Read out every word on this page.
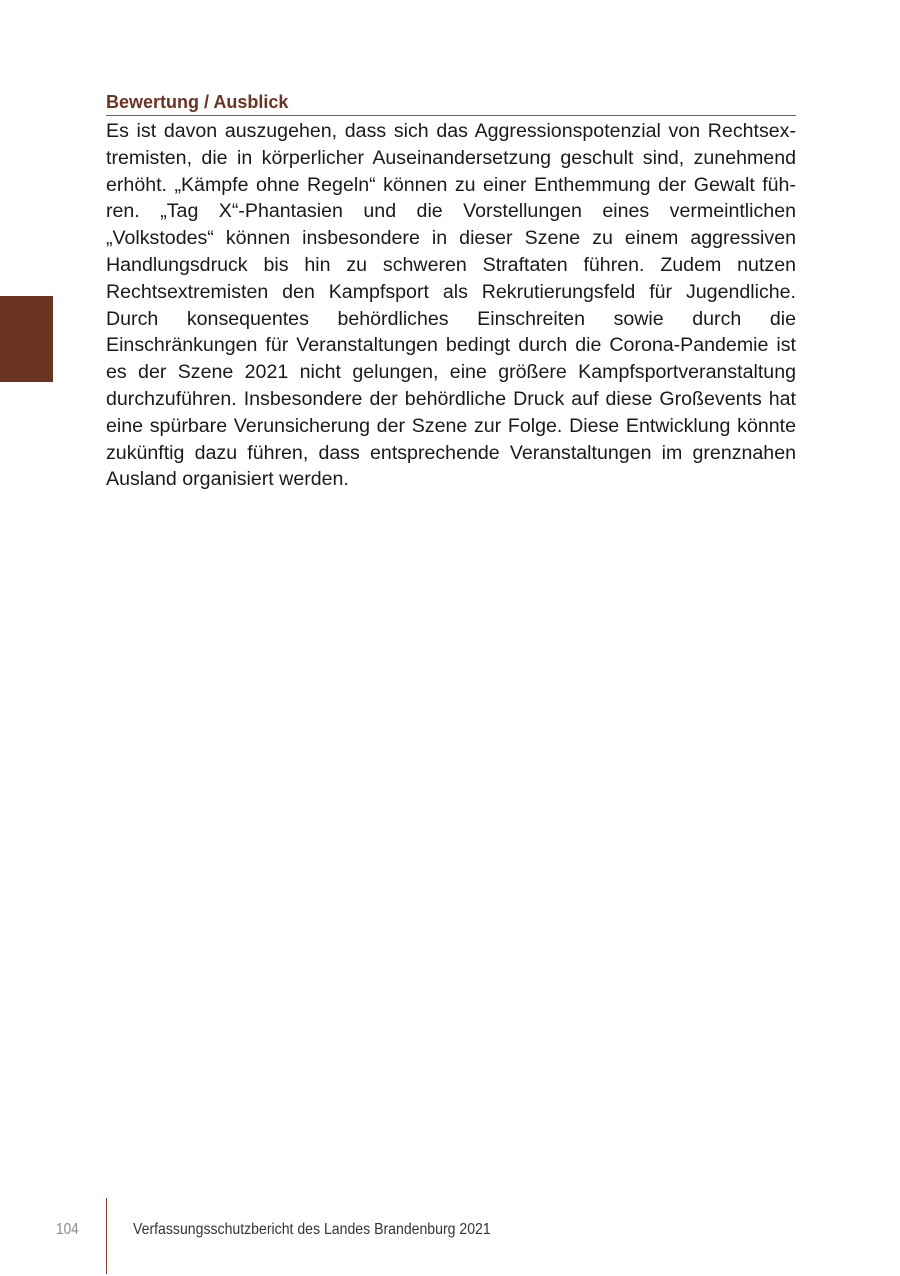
Bewertung / Ausblick

Es ist davon auszugehen, dass sich das Aggressionspotenzial von Rechtsextremisten, die in körperlicher Auseinandersetzung geschult sind, zunehmend erhöht. „Kämpfe ohne Regeln“ können zu einer Enthemmung der Gewalt führen. „Tag X“-Phantasien und die Vorstellungen eines vermeintlichen „Volkstodes“ können insbesondere in dieser Szene zu einem aggressiven Handlungsdruck bis hin zu schweren Straftaten führen. Zudem nutzen Rechtsextremisten den Kampfsport als Rekrutierungsfeld für Jugendliche. Durch konsequentes behördliches Einschreiten sowie durch die Einschränkungen für Veranstaltungen bedingt durch die Corona-Pandemie ist es der Szene 2021 nicht gelungen, eine größere Kampfsportveranstaltung durchzuführen. Insbesondere der behördliche Druck auf diese Großevents hat eine spürbare Verunsicherung der Szene zur Folge. Diese Entwicklung könnte zukünftig dazu führen, dass entsprechende Veranstaltungen im grenznahen Ausland organisiert werden.

104	Verfassungsschutzbericht des Landes Brandenburg 2021
